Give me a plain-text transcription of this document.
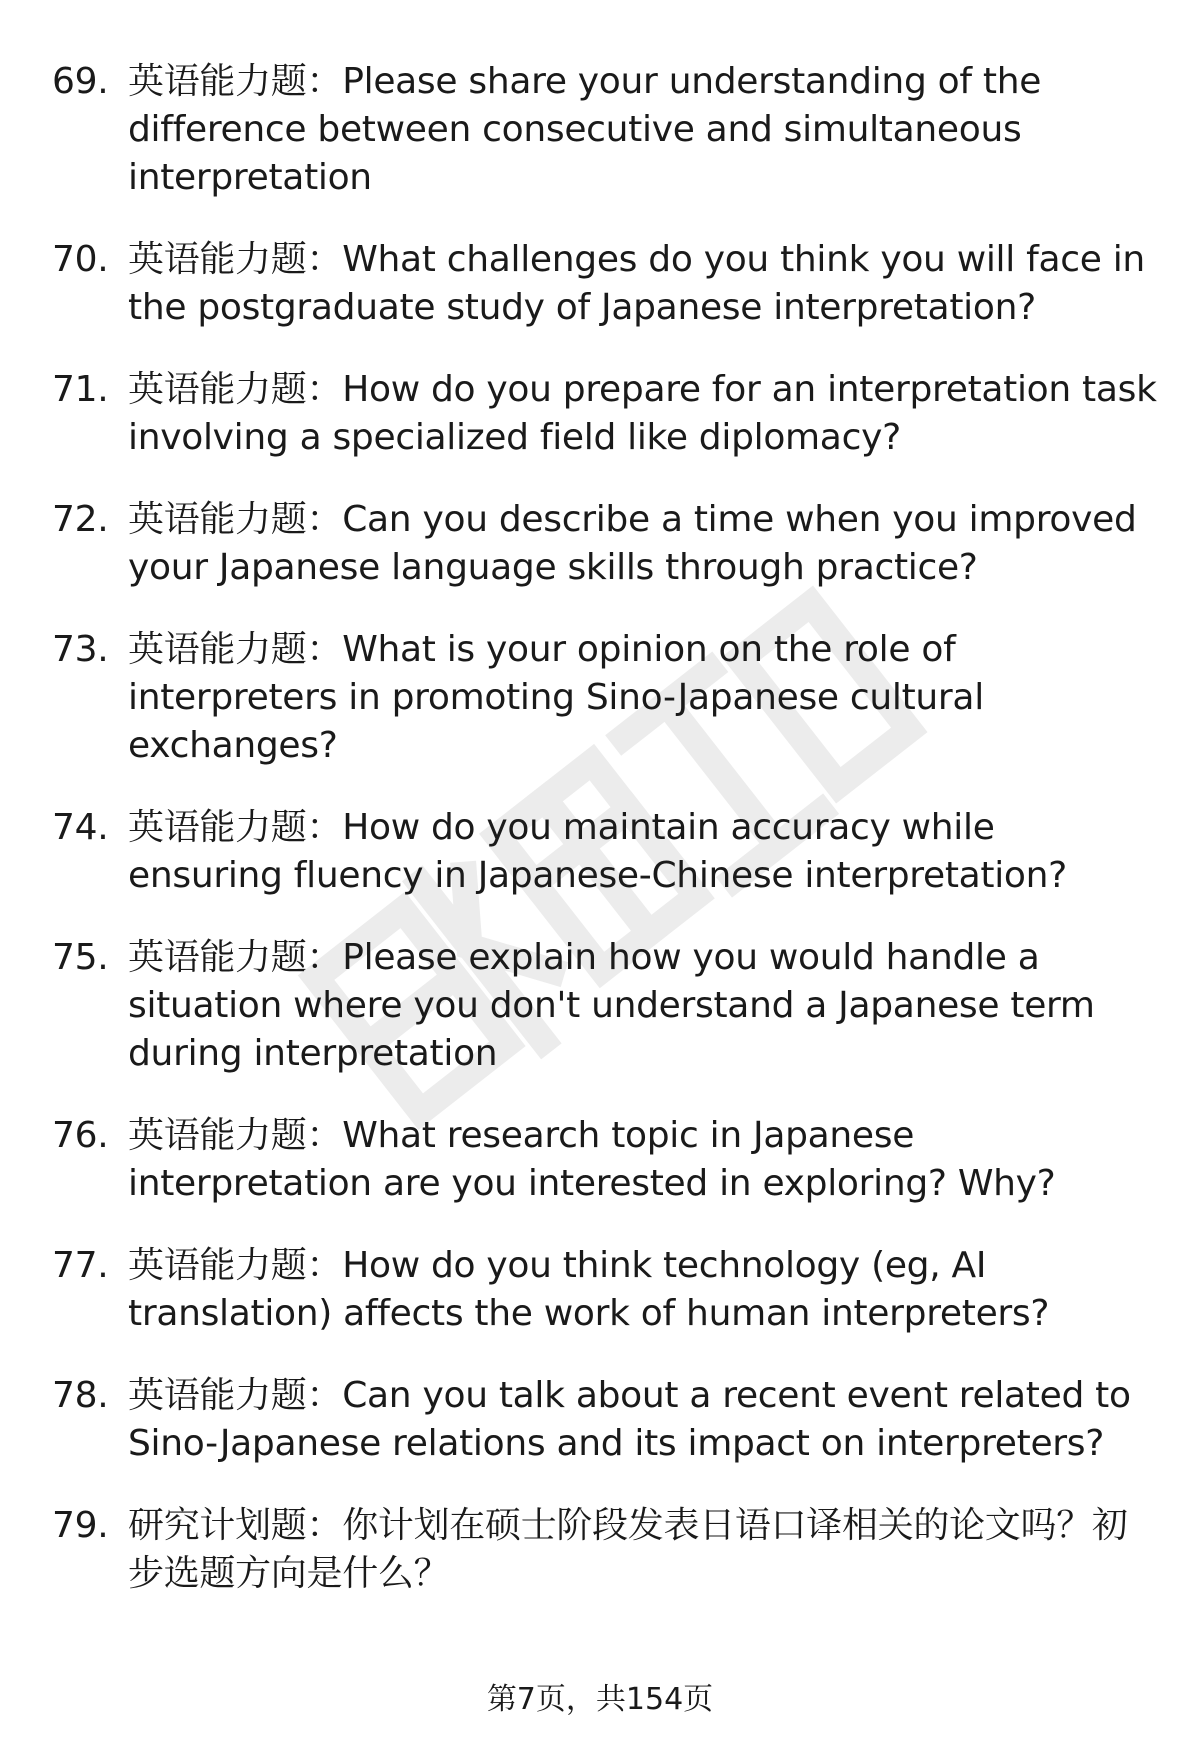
69. 英语能力题：Please share your understanding of the difference between consecutive and simultaneous interpretation
70. 英语能力题：What challenges do you think you will face in the postgraduate study of Japanese interpretation?
71. 英语能力题：How do you prepare for an interpretation task involving a specialized field like diplomacy?
72. 英语能力题：Can you describe a time when you improved your Japanese language skills through practice?
73. 英语能力题：What is your opinion on the role of interpreters in promoting Sino-Japanese cultural exchanges?
74. 英语能力题：How do you maintain accuracy while ensuring fluency in Japanese-Chinese interpretation?
75. 英语能力题：Please explain how you would handle a situation where you don't understand a Japanese term during interpretation
76. 英语能力题：What research topic in Japanese interpretation are you interested in exploring? Why?
77. 英语能力题：How do you think technology (eg, AI translation) affects the work of human interpreters?
78. 英语能力题：Can you talk about a recent event related to Sino-Japanese relations and its impact on interpreters?
79. 研究计划题：你计划在硕士阶段发表日语口译相关的论文吗？初步选题方向是什么？
第7页，共154页
